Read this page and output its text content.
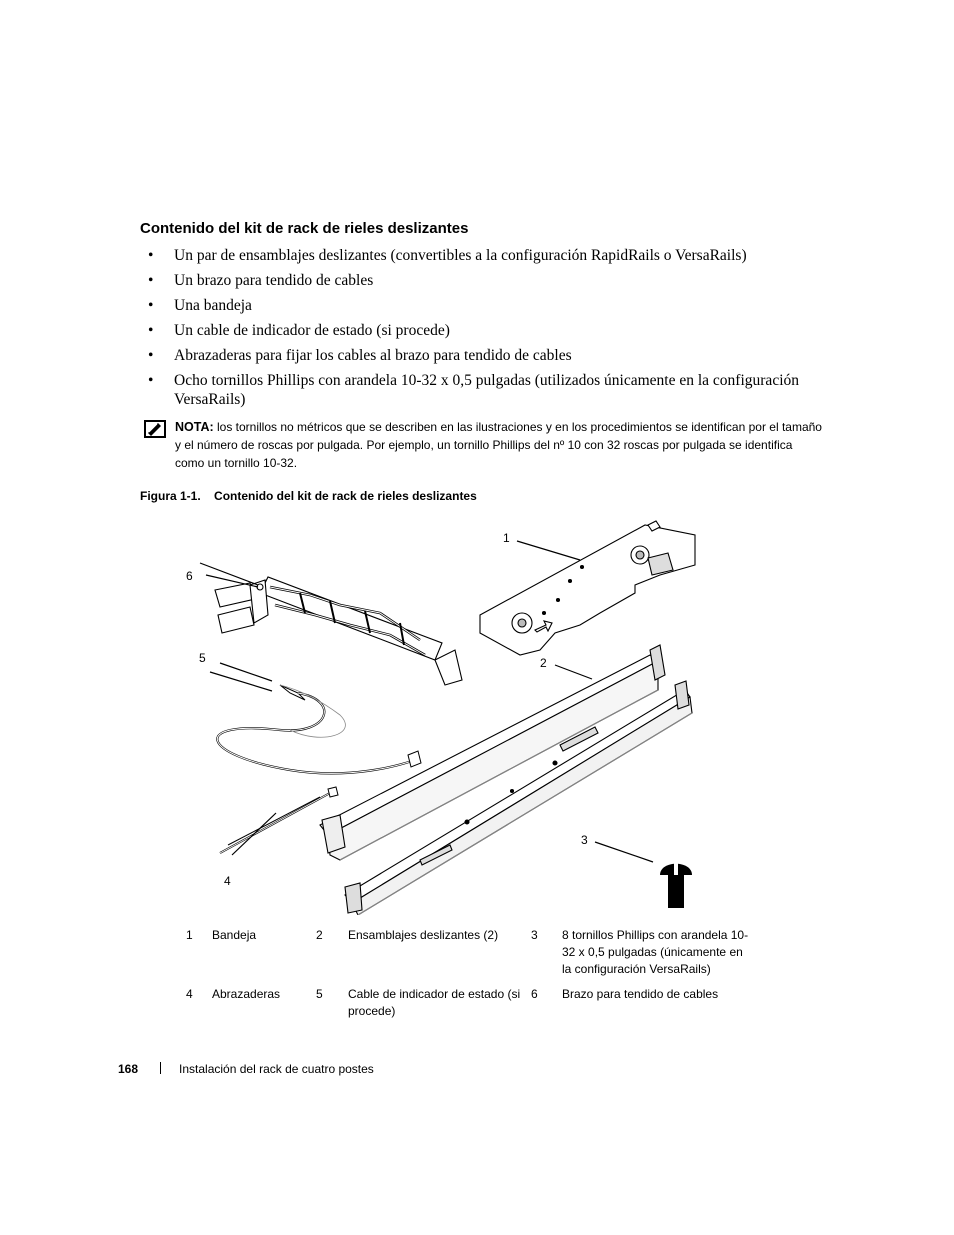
Contenido del kit de rack de rieles deslizantes
• Un par de ensamblajes deslizantes (convertibles a la configuración RapidRails o VersaRails)
• Un brazo para tendido de cables
• Una bandeja
• Un cable de indicador de estado (si procede)
• Abrazaderas para fijar los cables al brazo para tendido de cables
• Ocho tornillos Phillips con arandela 10-32 x 0,5 pulgadas (utilizados únicamente en la configuración VersaRails)
NOTA: los tornillos no métricos que se describen en las ilustraciones y en los procedimientos se identifican por el tamaño y el número de roscas por pulgada. Por ejemplo, un tornillo Phillips del nº 10 con 32 roscas por pulgada se identifica como un tornillo 10-32.
Figura 1-1. Contenido del kit de rack de rieles deslizantes
1
2
3
4
5
6
1	Bandeja	2	Ensamblajes deslizantes (2)	3	8 tornillos Phillips con arandela 10-32 x 0,5 pulgadas (únicamente en la configuración VersaRails)
4	Abrazaderas	5	Cable de indicador de estado (si procede)	6	Brazo para tendido de cables
168	Instalación del rack de cuatro postes
